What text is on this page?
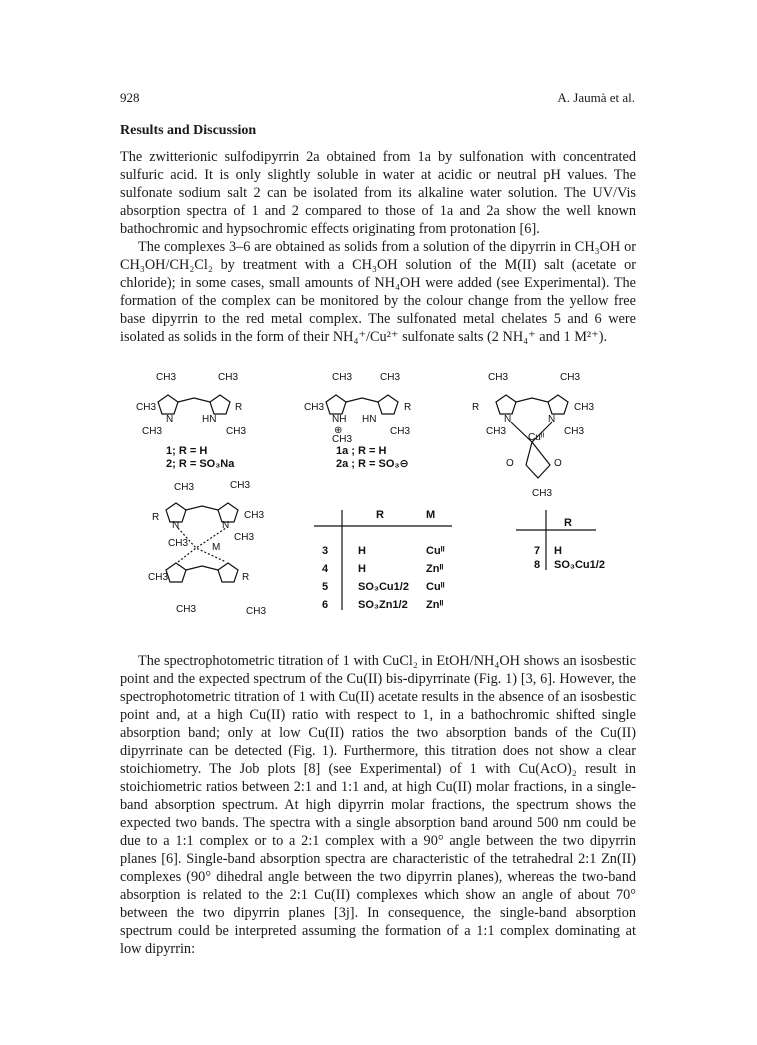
928	A. Jaumà et al.
Results and Discussion

The zwitterionic sulfodipyrrin 2a obtained from 1a by sulfonation with concentrated sulfuric acid. It is only slightly soluble in water at acidic or neutral pH values. The sulfonate sodium salt 2 can be isolated from its alkaline water solution. The UV/Vis absorption spectra of 1 and 2 compared to those of 1a and 2a show the well known bathochromic and hypsochromic effects originating from protonation [6].

The complexes 3–6 are obtained as solids from a solution of the dipyrrin in CH₃OH or CH₃OH/CH₂Cl₂ by treatment with a CH₃OH solution of the M(II) salt (acetate or chloride); in some cases, small amounts of NH₄OH were added (see Experimental). The formation of the complex can be monitored by the colour change from the yellow free base dipyrrin to the red metal complex. The sulfonated metal chelates 5 and 6 were isolated as solids in the form of their NH₄⁺/Cu²⁺ sulfonate salts (2 NH₄⁺ and 1 M²⁺).

CH3	CH3
CH3	R
N	HN
CH3	CH3
1; R = H
2; R = SO₃Na
CH3	CH3
CH3	R
NH HN
⊕
CH3
CH3
1a ; R = H
2a ; R = SO₃⊖
CH3	CH3
R	CH3
N	N
CH3	CH3
Cuᴵᴵ
O	O
CH3
CH3	CH3
R	CH3
N	N
CH3
CH3
M
CH3	R
CH3	CH3
R	M
3	H	Cuᴵᴵ
4	H	Znᴵᴵ
5	SO₃Cu1/2 Cuᴵᴵ
6	SO₃Zn1/2 Znᴵᴵ
R
7 H
8 SO₃Cu1/2

The spectrophotometric titration of 1 with CuCl₂ in EtOH/NH₄OH shows an isosbestic point and the expected spectrum of the Cu(II) bis-dipyrrinate (Fig. 1) [3, 6]. However, the spectrophotometric titration of 1 with Cu(II) acetate results in the absence of an isosbestic point and, at a high Cu(II) ratio with respect to 1, in a bathochromic shifted single absorption band; only at low Cu(II) ratios the two absorption bands of the Cu(II) dipyrrinate can be detected (Fig. 1). Furthermore, this titration does not show a clear stoichiometry. The Job plots [8] (see Experimental) of 1 with Cu(AcO)₂ result in stoichiometric ratios between 2:1 and 1:1 and, at high Cu(II) molar fractions, in a single-band absorption spectrum. At high dipyrrin molar fractions, the spectrum shows the expected two bands. The spectra with a single absorption band around 500 nm could be due to a 1:1 complex or to a 2:1 complex with a 90° angle between the two dipyrrin planes [6]. Single-band absorption spectra are characteristic of the tetrahedral 2:1 Zn(II) complexes (90° dihedral angle between the two dipyrrin planes), whereas the two-band absorption is related to the 2:1 Cu(II) complexes which show an angle of about 70° between the two dipyrrin planes [3j]. In consequence, the single-band absorption spectrum could be interpreted assuming the formation of a 1:1 complex dominating at low dipyrrin:
